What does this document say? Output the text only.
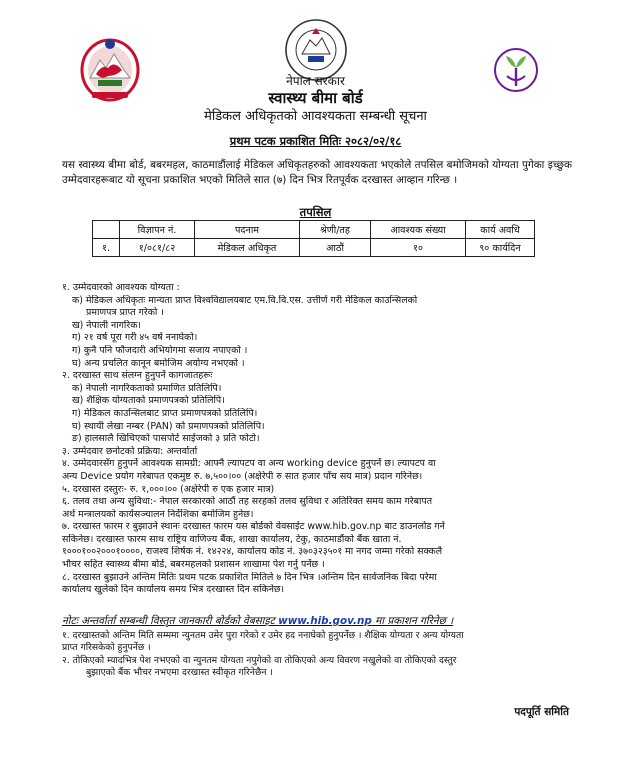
नेपाल सरकार
स्वास्थ्य बीमा बोर्ड
मेडिकल अधिकृतको आवश्यकता सम्बन्धी सूचना
प्रथम पटक प्रकाशित मितिः २०८२/०२/१८
यस स्वास्थ्य बीमा बोर्ड, बबरमहल, काठमाडौंलाई मेडिकल अधिकृतहरुको आवश्यकता भएकोले तपसिल बमोजिमको योग्यता पुगेका इच्छुक उम्मेदवारहरूबाट यो सूचना प्रकाशित भएको मितिले सात (७) दिन भित्र रितपूर्वक दरखास्त आव्हान गरिन्छ ।
तपसिल
	विज्ञापन नं.	पदनाम	श्रेणी/तह	आवश्यक संख्या	कार्य अवधि
१.	१/०८१/८२	मेडिकल अधिकृत	आठौं	१०	९० कार्यदिन
१. उम्मेदवारको आवश्यक योग्यता :
क) मेडिकल अधिकृतः मान्यता प्राप्त विश्वविद्यालयबाट एम.वि.वि.एस. उत्तीर्ण गरी मेडिकल काउन्सिलको
प्रमाणपत्र प्राप्त गरेको ।
ख) नेपाली नागरिक।
ग) २१ वर्ष पूरा गरी ४५ वर्ष ननाघेको।
ग) कुनै पनि फौजदारी अभियोगमा सजाय नपाएको ।
घ) अन्य प्रचलित कानून बमोजिम अयोग्य नभएको ।
२. दरखास्त साथ संलग्न हुनुपर्ने कागजातहरूः
क) नेपाली नागरिकताको प्रमाणित प्रतिलिपि।
ख) शैक्षिक योग्यताको प्रमाणपत्रको प्रतिलिपि।
ग) मेडिकल काउन्सिलबाट प्राप्त प्रमाणपत्रको प्रतिलिपि।
घ) स्थायी लेखा नम्बर (PAN) को प्रमाणपत्रको प्रतिलिपि।
ङ) हालसालै खिचिएको पासपोर्ट साईजको ३ प्रति फोटो।
३. उम्मेदवार छनोटको प्रक्रिया: अन्तर्वार्ता
४. उम्मेदवारसँग हुनुपर्ने आवश्यक सामग्री: आफ्नै ल्यापटप वा अन्य working device हुनुपर्ने छ। ल्यापटप वा
अन्य Device प्रयोग गरेबापत एकमुष्ट रु. ७,५००।०० (अक्षेरेपी रु सात हजार पाँच सय मात्र) प्रदान गरिनेछ।
५. दरखास्त दस्तुरः- रु. १,०००।०० (अक्षेरेपी रु एक हजार मात्र)
६. तलव तथा अन्य सुविधा:- नेपाल सरकारको आठौं तह सरहको तलव सुविधा र अतिरिक्त समय काम गरेबापत
अर्थ मन्त्रालयको कार्यसञ्चालन निर्देशिका बमोजिम हुनेछ।
७. दरखास्त फारम र बुझाउने स्थानः दरखास्त फारम यस बोर्डको वेवसाईट www.hib.gov.np बाट डाउनलोड गर्न
सकिनेछ। दरखास्त फारम साथ राष्ट्रिय वाणिज्य बैंक, शाखा कार्यालय, टेकु, काठमाडौंको बैंक खाता नं.
१०००१००२०००१००००, राजश्व शिर्षक नं. १४२२४, कार्यालय कोड नं. ३७०३२३५०१ मा नगद जम्मा गरेको सक्कलै
भौचर सहित स्वास्थ्य बीमा बोर्ड, बबरमहलको प्रशासन शाखामा पेश गर्नु पर्नेछ ।
८. दरखास्त बुझाउने अन्तिम मितिः प्रथम पटक प्रकाशित मितिले ७ दिन भित्र ।अन्तिम दिन सार्वजनिक बिदा परेमा
कार्यालय खुलेको दिन कार्यालय समय भित्र दरखास्त दिन सकिनेछ।
नोटः अन्तर्वार्ता सम्बन्धी विस्तृत जानकारी बोर्डको वेबसाइट www.hib.gov.np मा प्रकाशन गरिनेछ ।
१. दरखास्तको अन्तिम मिति सम्ममा न्युनतम उमेर पुरा गरेको र उमेर हद ननाघेको हुनुपर्नेछ । शैक्षिक योग्यता र अन्य योग्यता
प्राप्त गरिसकेको हुनुपर्नेछ ।
२. तोकिएको म्यादभित्र पेश नभएको वा न्युनतम योग्यता नपुगेको वा तोकिएको अन्य विवरण नखुलेको वा तोकिएको दस्तुर
बुझाएको बैंक भौचर नभएमा दरखास्त स्वीकृत गरिनेछैन ।
पदपूर्ति समिति
